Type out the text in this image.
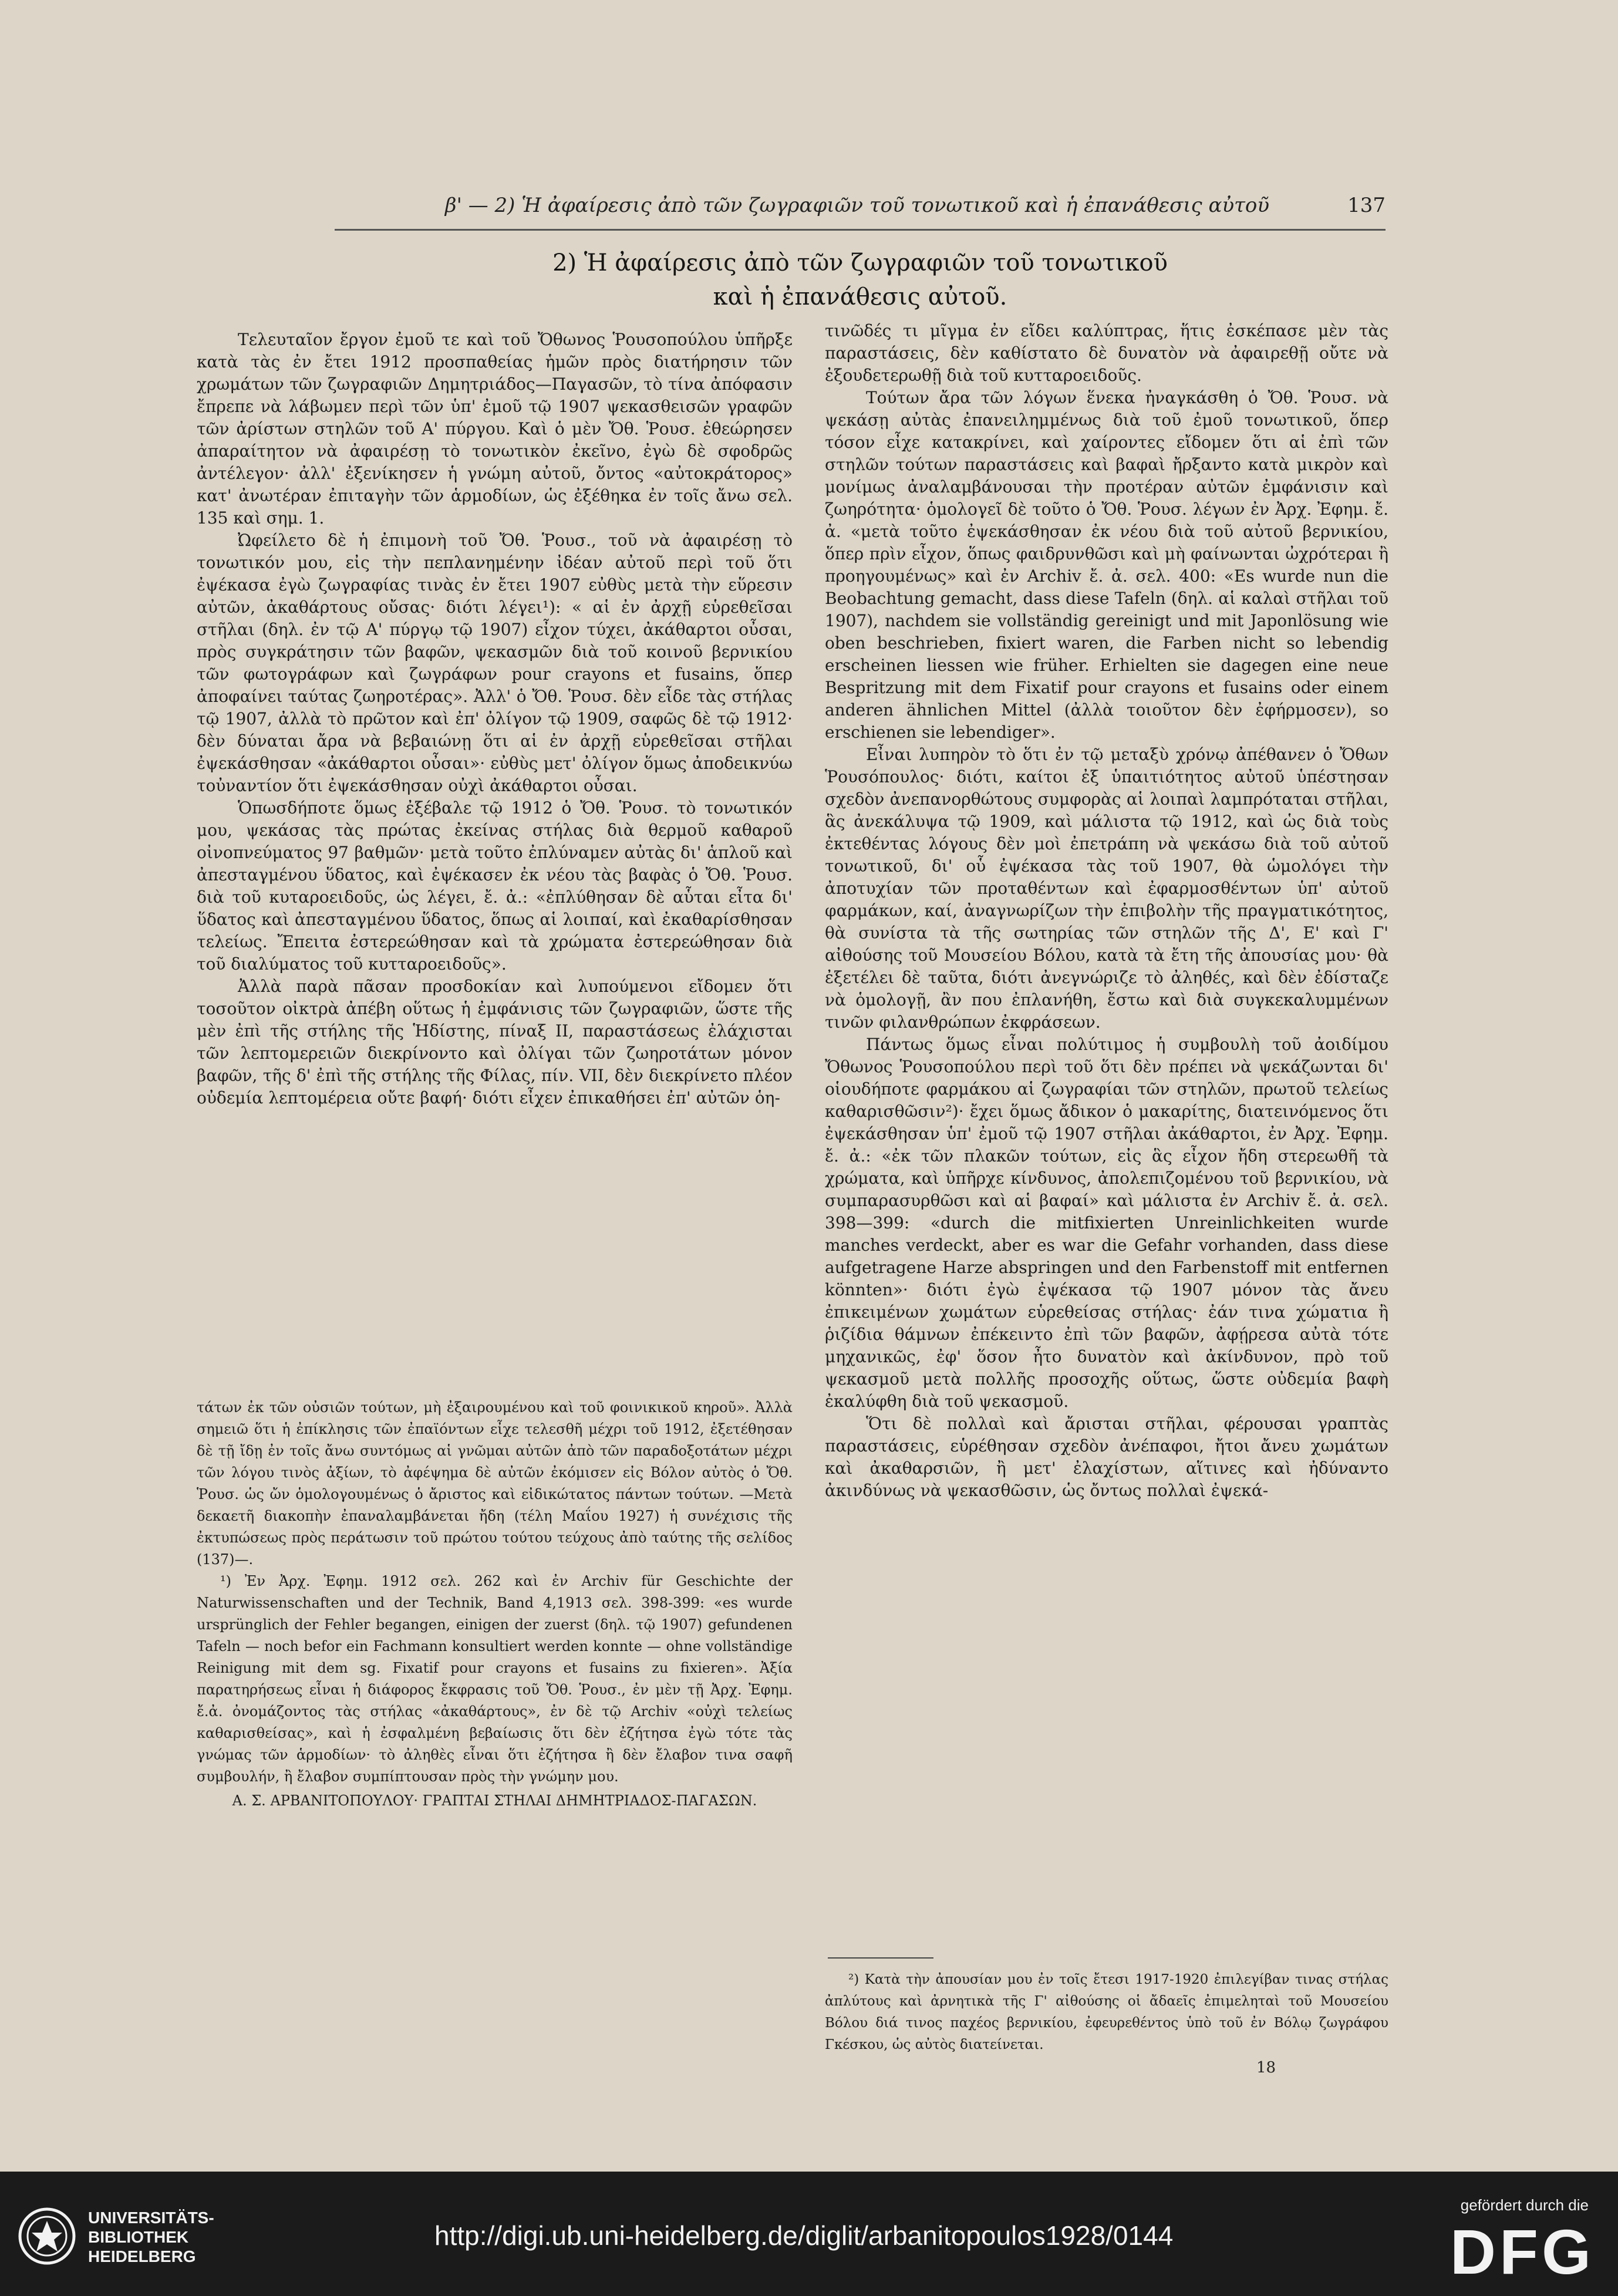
β' — 2) Ἡ ἀφαίρεσις ἀπὸ τῶν ζωγραφιῶν τοῦ τονωτικοῦ καὶ ἡ ἐπανάθεσις αὐτοῦ	137
2) Ἡ ἀφαίρεσις ἀπὸ τῶν ζωγραφιῶν τοῦ τονωτικοῦ
καὶ ἡ ἐπανάθεσις αὐτοῦ.

Τελευταῖον ἔργον ἐμοῦ τε καὶ τοῦ Ὄθωνος Ῥουσοπούλου ὑπῆρξε κατὰ τὰς ἐν ἔτει 1912 προσπαθείας ἡμῶν πρὸς διατήρησιν τῶν χρωμάτων τῶν ζωγραφιῶν Δημητριάδος—Παγασῶν, τὸ τίνα ἀπόφασιν ἔπρεπε νὰ λάβωμεν περὶ τῶν ὑπ' ἐμοῦ τῷ 1907 ψεκασθεισῶν γραφῶν τῶν ἀρίστων στηλῶν τοῦ Α' πύργου. Καὶ ὁ μὲν Ὄθ. Ῥουσ. ἐθεώρησεν ἀπαραίτητον νὰ ἀφαιρέσῃ τὸ τονωτικὸν ἐκεῖνο, ἐγὼ δὲ σφοδρῶς ἀντέλεγον· ἀλλ' ἐξενίκησεν ἡ γνώμη αὐτοῦ, ὄντος «αὐτοκράτορος» κατ' ἀνωτέραν ἐπιταγὴν τῶν ἁρμοδίων, ὡς ἐξέθηκα ἐν τοῖς ἄνω σελ. 135 καὶ σημ. 1.

Ὠφείλετο δὲ ἡ ἐπιμονὴ τοῦ Ὄθ. Ῥουσ., τοῦ νὰ ἀφαιρέσῃ τὸ τονωτικόν μου, εἰς τὴν πεπλανημένην ἰδέαν αὐτοῦ περὶ τοῦ ὅτι ἐψέκασα ἐγὼ ζωγραφίας τινὰς ἐν ἔτει 1907 εὐθὺς μετὰ τὴν εὕρεσιν αὐτῶν, ἀκαθάρτους οὔσας· διότι λέγει¹): « αἱ ἐν ἀρχῇ εὑρεθεῖσαι στῆλαι (δηλ. ἐν τῷ Α' πύργῳ τῷ 1907) εἶχον τύχει, ἀκάθαρτοι οὖσαι, πρὸς συγκράτησιν τῶν βαφῶν, ψεκασμῶν διὰ τοῦ κοινοῦ βερνικίου τῶν φωτογράφων καὶ ζωγράφων pour crayons et fusains, ὅπερ ἀποφαίνει ταύτας ζωηροτέρας». Ἀλλ' ὁ Ὄθ. Ῥουσ. δὲν εἶδε τὰς στήλας τῷ 1907, ἀλλὰ τὸ πρῶτον καὶ ἐπ' ὀλίγον τῷ 1909, σαφῶς δὲ τῷ 1912· δὲν δύναται ἄρα νὰ βεβαιώνῃ ὅτι αἱ ἐν ἀρχῇ εὑρεθεῖσαι στῆλαι ἐψεκάσθησαν «ἀκάθαρτοι οὖσαι»· εὐθὺς μετ' ὀλίγον ὅμως ἀποδεικνύω τοὐναντίον ὅτι ἐψεκάσθησαν οὐχὶ ἀκάθαρτοι οὖσαι.

Ὁπωσδήποτε ὅμως ἐξέβαλε τῷ 1912 ὁ Ὄθ. Ῥουσ. τὸ τονωτικόν μου, ψεκάσας τὰς πρώτας ἐκείνας στήλας διὰ θερμοῦ καθαροῦ οἰνοπνεύματος 97 βαθμῶν· μετὰ τοῦτο ἐπλύναμεν αὐτὰς δι' ἁπλοῦ καὶ ἀπεσταγμένου ὕδατος, καὶ ἐψέκασεν ἐκ νέου τὰς βαφὰς ὁ Ὄθ. Ῥουσ. διὰ τοῦ κυταροειδοῦς, ὡς λέγει, ἔ. ἀ.: «ἐπλύθησαν δὲ αὗται εἶτα δι' ὕδατος καὶ ἀπεσταγμένου ὕδατος, ὅπως αἱ λοιπαί, καὶ ἐκαθαρίσθησαν τελείως. Ἔπειτα ἐστερεώθησαν καὶ τὰ χρώματα ἐστερεώθησαν διὰ τοῦ διαλύματος τοῦ κυτταροειδοῦς».

Ἀλλὰ παρὰ πᾶσαν προσδοκίαν καὶ λυπούμενοι εἴδομεν ὅτι τοσοῦτον οἰκτρὰ ἀπέβη οὕτως ἡ ἐμφάνισις τῶν ζωγραφιῶν, ὥστε τῆς μὲν ἐπὶ τῆς στήλης τῆς Ἡδίστης, πίναξ II, παραστάσεως ἐλάχισται τῶν λεπτομερειῶν διεκρίνοντο καὶ ὀλίγαι τῶν ζωηροτάτων μόνον βαφῶν, τῆς δ' ἐπὶ τῆς στήλης τῆς Φίλας, πίν. VII, δὲν διεκρίνετο πλέον οὐδεμία λεπτομέρεια οὔτε βαφή· διότι εἶχεν ἐπικαθήσει ἐπ' αὐτῶν ὁη-

τάτων ἐκ τῶν οὐσιῶν τούτων, μὴ ἐξαιρουμένου καὶ τοῦ φοινικικοῦ κηροῦ». Ἀλλὰ σημειῶ ὅτι ἡ ἐπίκλησις τῶν ἐπαϊόντων εἶχε τελεσθῆ μέχρι τοῦ 1912, ἐξετέθησαν δὲ τῇ ἴδῃ ἐν τοῖς ἄνω συντόμως αἱ γνῶμαι αὐτῶν ἀπὸ τῶν παραδοξοτάτων μέχρι τῶν λόγου τινὸς ἀξίων, τὸ ἀφέψημα δὲ αὐτῶν ἐκόμισεν εἰς Βόλον αὐτὸς ὁ Ὄθ. Ῥουσ. ὡς ὤν ὁμολογουμένως ὁ ἄριστος καὶ εἰδικώτατος πάντων τούτων. —Μετὰ δεκαετῆ διακοπὴν ἐπαναλαμβάνεται ἤδη (τέλη Μαΐου 1927) ἡ συνέχισις τῆς ἐκτυπώσεως πρὸς περάτωσιν τοῦ πρώτου τούτου τεύχους ἀπὸ ταύτης τῆς σελίδος (137)—.

¹) Ἐν Ἀρχ. Ἐφημ. 1912 σελ. 262 καὶ ἐν Archiv für Geschichte der Naturwissenschaften und der Technik, Band 4,1913 σελ. 398-399: «es wurde ursprünglich der Fehler begangen, einigen der zuerst (δηλ. τῷ 1907) gefundenen Tafeln — noch befor ein Fachmann konsultiert werden konnte — ohne vollständige Reinigung mit dem sg. Fixatif pour crayons et fusains zu fixieren». Ἀξία παρατηρήσεως εἶναι ἡ διάφορος ἔκφρασις τοῦ Ὄθ. Ῥουσ., ἐν μὲν τῇ Ἀρχ. Ἐφημ. ἔ.ἀ. ὀνομάζοντος τὰς στήλας «ἀκαθάρτους», ἐν δὲ τῷ Archiv «οὐχὶ τελείως καθαρισθείσας», καὶ ἡ ἐσφαλμένη βεβαίωσις ὅτι δὲν ἐζήτησα ἐγὼ τότε τὰς γνώμας τῶν ἁρμοδίων· τὸ ἀληθὲς εἶναι ὅτι ἐζήτησα ἢ δὲν ἔλαβον τινα σαφῆ συμβουλήν, ἢ ἔλαβον συμπίπτουσαν πρὸς τὴν γνώμην μου.

Α. Σ. ΑΡΒΑΝΙΤΟΠΟΥΛΟΥ· ΓΡΑΠΤΑΙ ΣΤΗΛΑΙ ΔΗΜΗΤΡΙΑΔΟΣ-ΠΑΓΑΣΩΝ.

τινῶδές τι μῖγμα ἐν εἴδει καλύπτρας, ἥτις ἐσκέπασε μὲν τὰς παραστάσεις, δὲν καθίστατο δὲ δυνατὸν νὰ ἀφαιρεθῇ οὔτε νὰ ἐξουδετερωθῇ διὰ τοῦ κυτταροειδοῦς.

Τούτων ἄρα τῶν λόγων ἕνεκα ἠναγκάσθη ὁ Ὄθ. Ῥουσ. νὰ ψεκάσῃ αὐτὰς ἐπανειλημμένως διὰ τοῦ ἐμοῦ τονωτικοῦ, ὅπερ τόσον εἶχε κατακρίνει, καὶ χαίροντες εἴδομεν ὅτι αἱ ἐπὶ τῶν στηλῶν τούτων παραστάσεις καὶ βαφαὶ ἤρξαντο κατὰ μικρὸν καὶ μονίμως ἀναλαμβάνουσαι τὴν προτέραν αὐτῶν ἐμφάνισιν καὶ ζωηρότητα· ὁμολογεῖ δὲ τοῦτο ὁ Ὄθ. Ῥουσ. λέγων ἐν Ἀρχ. Ἐφημ. ἔ. ἀ. «μετὰ τοῦτο ἐψεκάσθησαν ἐκ νέου διὰ τοῦ αὐτοῦ βερνικίου, ὅπερ πρὶν εἶχον, ὅπως φαιδρυνθῶσι καὶ μὴ φαίνωνται ὠχρότεραι ἢ προηγουμένως» καὶ ἐν Archiv ἔ. ἀ. σελ. 400: «Es wurde nun die Beobachtung gemacht, dass diese Tafeln (δηλ. αἱ καλαὶ στῆλαι τοῦ 1907), nachdem sie vollständig gereinigt und mit Japonlösung wie oben beschrieben, fixiert waren, die Farben nicht so lebendig erscheinen liessen wie früher. Erhielten sie dagegen eine neue Bespritzung mit dem Fixatif pour crayons et fusains oder einem anderen ähnlichen Mittel (ἀλλὰ τοιοῦτον δὲν ἐφήρμοσεν), so erschienen sie lebendiger».

Εἶναι λυπηρὸν τὸ ὅτι ἐν τῷ μεταξὺ χρόνῳ ἀπέθανεν ὁ Ὄθων Ῥουσόπουλος· διότι, καίτοι ἐξ ὑπαιτιότητος αὐτοῦ ὑπέστησαν σχεδὸν ἀνεπανορθώτους συμφορὰς αἱ λοιπαὶ λαμπρόταται στῆλαι, ἃς ἀνεκάλυψα τῷ 1909, καὶ μάλιστα τῷ 1912, καὶ ὡς διὰ τοὺς ἐκτεθέντας λόγους δὲν μοὶ ἐπετράπη νὰ ψεκάσω διὰ τοῦ αὐτοῦ τονωτικοῦ, δι' οὗ ἐψέκασα τὰς τοῦ 1907, θὰ ὡμολόγει τὴν ἀποτυχίαν τῶν προταθέντων καὶ ἐφαρμοσθέντων ὑπ' αὐτοῦ φαρμάκων, καί, ἀναγνωρίζων τὴν ἐπιβολὴν τῆς πραγματικότητος, θὰ συνίστα τὰ τῆς σωτηρίας τῶν στηλῶν τῆς Δ', Ε' καὶ Γ' αἰθούσης τοῦ Μουσείου Βόλου, κατὰ τὰ ἔτη τῆς ἀπουσίας μου· θὰ ἐξετέλει δὲ ταῦτα, διότι ἀνεγνώριζε τὸ ἀληθές, καὶ δὲν ἐδίσταζε νὰ ὁμολογῇ, ἂν που ἐπλανήθη, ἔστω καὶ διὰ συγκεκαλυμμένων τινῶν φιλανθρώπων ἐκφράσεων.

Πάντως ὅμως εἶναι πολύτιμος ἡ συμβουλὴ τοῦ ἀοιδίμου Ὄθωνος Ῥουσοπούλου περὶ τοῦ ὅτι δὲν πρέπει νὰ ψεκάζωνται δι' οἱουδήποτε φαρμάκου αἱ ζωγραφίαι τῶν στηλῶν, πρωτοῦ τελείως καθαρισθῶσιν²)· ἔχει ὅμως ἄδικον ὁ μακαρίτης, διατεινόμενος ὅτι ἐψεκάσθησαν ὑπ' ἐμοῦ τῷ 1907 στῆλαι ἀκάθαρτοι, ἐν Ἀρχ. Ἐφημ. ἔ. ἀ.: «ἐκ τῶν πλακῶν τούτων, εἰς ἃς εἶχον ἤδη στερεωθῆ τὰ χρώματα, καὶ ὑπῆρχε κίνδυνος, ἀπολεπιζομένου τοῦ βερνικίου, νὰ συμπαρασυρθῶσι καὶ αἱ βαφαί» καὶ μάλιστα ἐν Archiv ἔ. ἀ. σελ. 398—399: «durch die mitfixierten Unreinlichkeiten wurde manches verdeckt, aber es war die Gefahr vorhanden, dass diese aufgetragene Harze abspringen und den Farbenstoff mit entfernen könnten»· διότι ἐγὼ ἐψέκασα τῷ 1907 μόνον τὰς ἄνευ ἐπικειμένων χωμάτων εὑρεθείσας στήλας· ἐάν τινα χώματια ἢ ῥιζίδια θάμνων ἐπέκειντο ἐπὶ τῶν βαφῶν, ἀφῄρεσα αὐτὰ τότε μηχανικῶς, ἐφ' ὅσον ἦτο δυνατὸν καὶ ἀκίνδυνον, πρὸ τοῦ ψεκασμοῦ μετὰ πολλῆς προσοχῆς οὕτως, ὥστε οὐδεμία βαφὴ ἐκαλύφθη διὰ τοῦ ψεκασμοῦ.

Ὅτι δὲ πολλαὶ καὶ ἄρισται στῆλαι, φέρουσαι γραπτὰς παραστάσεις, εὑρέθησαν σχεδὸν ἀνέπαφοι, ἤτοι ἄνευ χωμάτων καὶ ἀκαθαρσιῶν, ἢ μετ' ἐλαχίστων, αἵτινες καὶ ἠδύναντο ἀκινδύνως νὰ ψεκασθῶσιν, ὡς ὄντως πολλαὶ ἐψεκά-

²) Κατὰ τὴν ἀπουσίαν μου ἐν τοῖς ἔτεσι 1917-1920 ἐπιλεγίβαν τινας στήλας ἀπλύτους καὶ ἀρνητικὰ τῆς Γ' αἰθούσης οἱ ἄδαεῖς ἐπιμεληταὶ τοῦ Μουσείου Βόλου διά τινος παχέος βερνικίου, ἐφευρεθέντος ὑπὸ τοῦ ἐν Βόλῳ ζωγράφου Γκέσκου, ὡς αὐτὸς διατείνεται.

18
UNIVERSITÄTS-
BIBLIOTHEK
HEIDELBERG
http://digi.ub.uni-heidelberg.de/diglit/arbanitopoulos1928/0144
gefördert durch die
DFG
